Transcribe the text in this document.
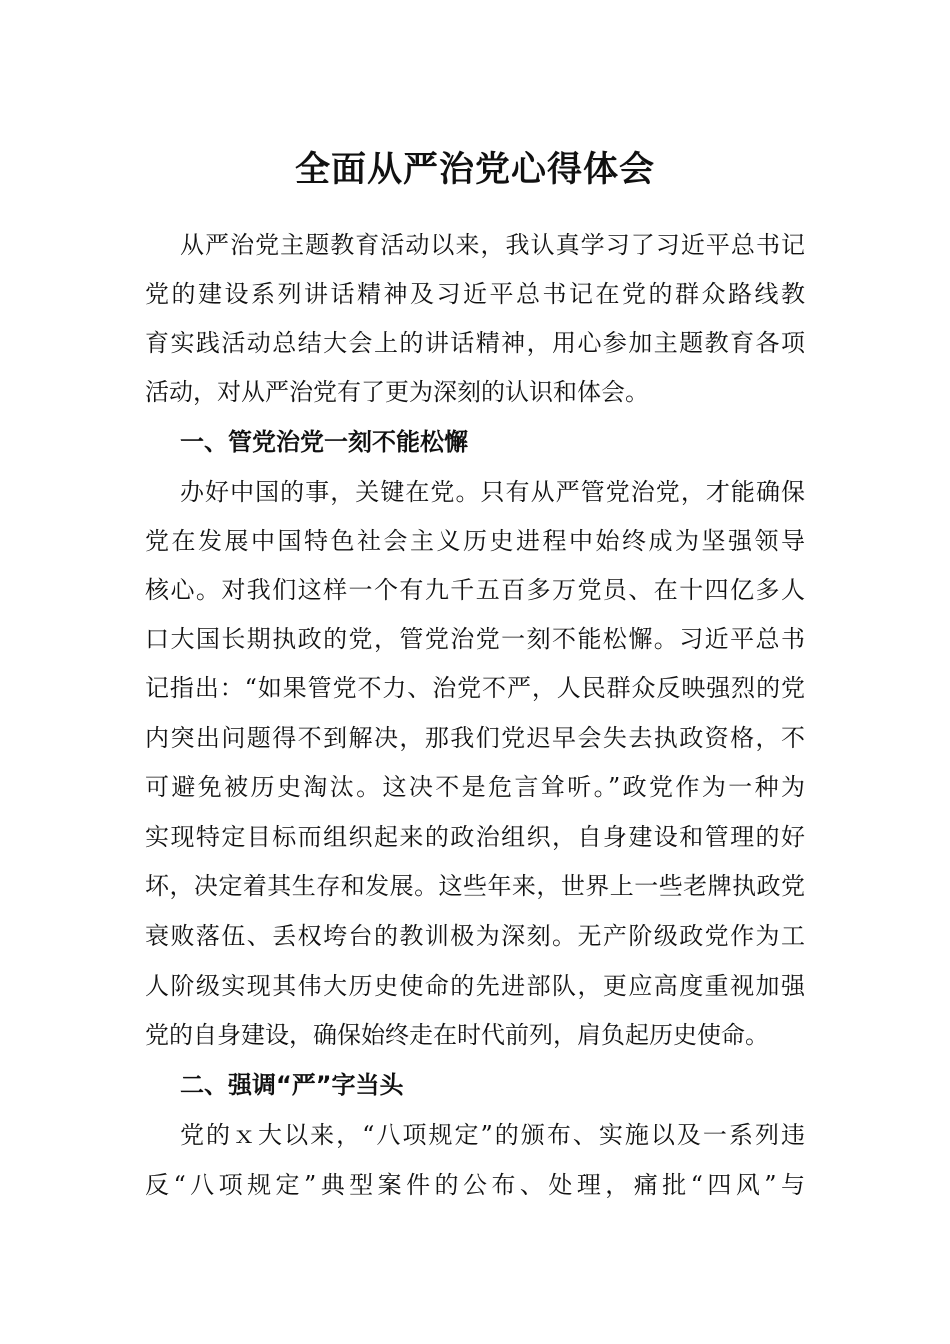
全面从严治党心得体会

从严治党主题教育活动以来，我认真学习了习近平总书记

党的建设系列讲话精神及习近平总书记在党的群众路线教

育实践活动总结大会上的讲话精神，用心参加主题教育各项

活动，对从严治党有了更为深刻的认识和体会。

一、管党治党一刻不能松懈

办好中国的事，关键在党。只有从严管党治党，才能确保

党在发展中国特色社会主义历史进程中始终成为坚强领导

核心。对我们这样一个有九千五百多万党员、在十四亿多人

口大国长期执政的党，管党治党一刻不能松懈。习近平总书

记指出：“如果管党不力、治党不严，人民群众反映强烈的党

内突出问题得不到解决，那我们党迟早会失去执政资格，不

可避免被历史淘汰。这决不是危言耸听。”政党作为一种为

实现特定目标而组织起来的政治组织，自身建设和管理的好

坏，决定着其生存和发展。这些年来，世界上一些老牌执政党

衰败落伍、丢权垮台的教训极为深刻。无产阶级政党作为工

人阶级实现其伟大历史使命的先进部队，更应高度重视加强

党的自身建设，确保始终走在时代前列，肩负起历史使命。

二、强调“严”字当头

党的ｘ大以来，“八项规定”的颁布、实施以及一系列违

反“八项规定”典型案件的公布、处理，痛批“四风”与
